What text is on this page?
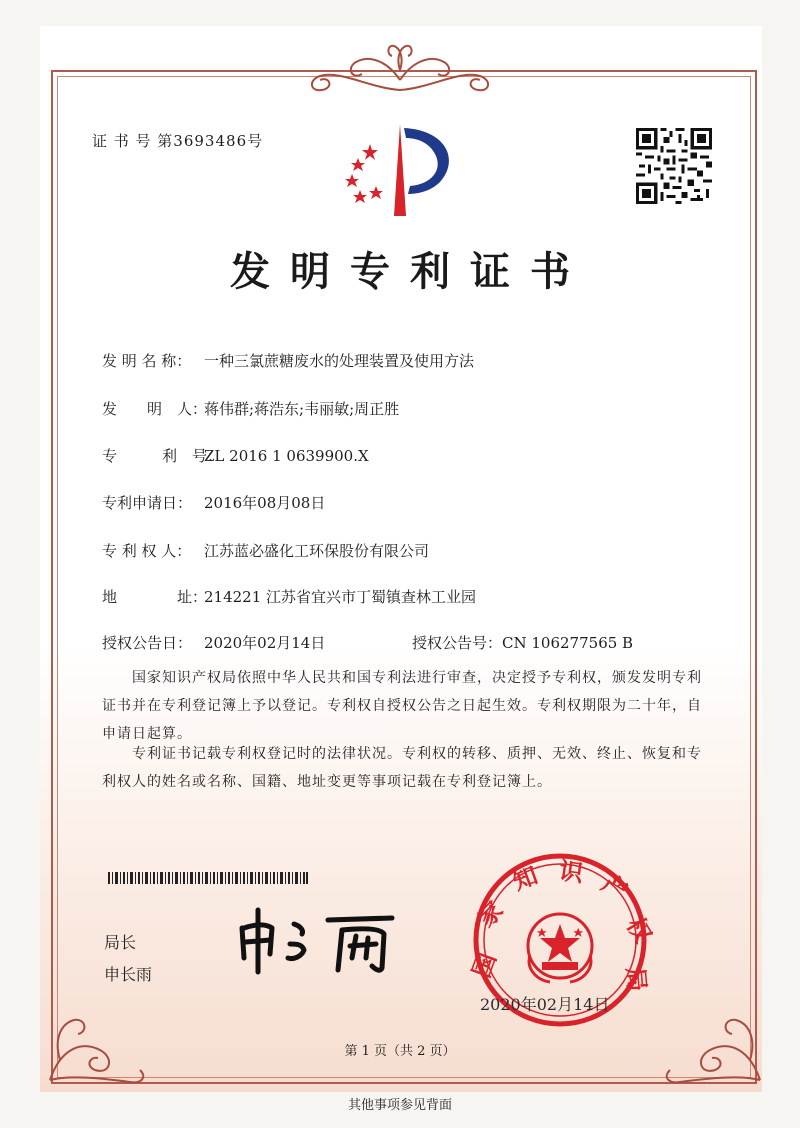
证 书 号 第3693486号
发明专利证书
发 明 名 称： 一种三氯蔗糖废水的处理装置及使用方法
发　　明　人：蒋伟群;蒋浩东;韦丽敏;周正胜
专　　　利　号：ZL 2016 1 0639900.X
专利申请日： 2016年08月08日
专 利 权 人： 江苏蓝必盛化工环保股份有限公司
地　　　　址：214221 江苏省宜兴市丁蜀镇查林工业园
授权公告日： 2020年02月14日	授权公告号：CN 106277565 B
国家知识产权局依照中华人民共和国专利法进行审查，决定授予专利权，颁发发明专利证书并在专利登记簿上予以登记。专利权自授权公告之日起生效。专利权期限为二十年，自申请日起算。
专利证书记载专利权登记时的法律状况。专利权的转移、质押、无效、终止、恢复和专利权人的姓名或名称、国籍、地址变更等事项记载在专利登记簿上。
局长
申长雨	国
家
知 识 产
权
局
2020年02月14日
第 1 页（共 2 页）
其他事项参见背面
